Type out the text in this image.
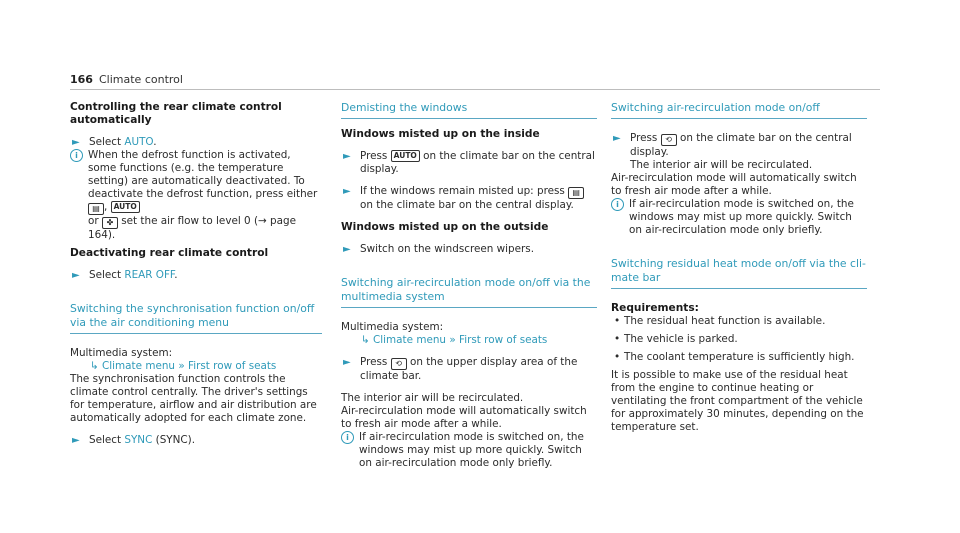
166 Climate control

Controlling the rear climate control automatically

► Select AUTO.
i When the defrost function is activated, some functions (e.g. the temperature setting) are automatically deactivated. To deactivate the defrost function, press either ▤ , AUTO
or ✤ set the air flow to level 0 (→ page 164).

Deactivating rear climate control

► Select REAR OFF.

Switching the synchronisation function on/off via the air conditioning menu

Multimedia system:

↳ Climate menu » First row of seats

The synchronisation function controls the climate control centrally. The driver's settings for temperature, airflow and air distribution are automatically adopted for each climate zone.

► Select SYNC (SYNC).

Demisting the windows

Windows misted up on the inside

► Press AUTO on the climate bar on the central display.
► If the windows remain misted up: press ▤ on the climate bar on the central display.

Windows misted up on the outside

► Switch on the windscreen wipers.

Switching air-recirculation mode on/off via the multimedia system

Multimedia system:

↳ Climate menu » First row of seats

► Press ⟲ on the upper display area of the climate bar.

The interior air will be recirculated.

Air-recirculation mode will automatically switch to fresh air mode after a while.

i If air-recirculation mode is switched on, the windows may mist up more quickly. Switch on air-recirculation mode only briefly.

Switching air-recirculation mode on/off

► Press ⟲ on the climate bar on the central display.
The interior air will be recirculated.

Air-recirculation mode will automatically switch to fresh air mode after a while.

i If air-recirculation mode is switched on, the windows may mist up more quickly. Switch on air-recirculation mode only briefly.

Switching residual heat mode on/off via the climate bar

Requirements:

• The residual heat function is available.
• The vehicle is parked.
• The coolant temperature is sufficiently high.

It is possible to make use of the residual heat from the engine to continue heating or ventilating the front compartment of the vehicle for approximately 30 minutes, depending on the temperature set.
